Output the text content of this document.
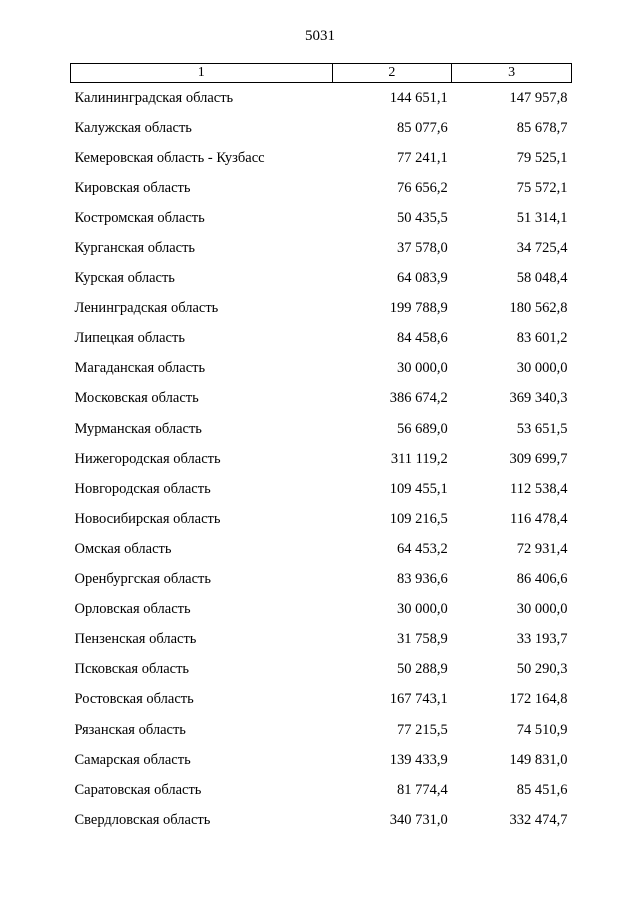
5031
1	2	3
Калининградская область	144 651,1	147 957,8
Калужская область	85 077,6	85 678,7
Кемеровская область - Кузбасс	77 241,1	79 525,1
Кировская область	76 656,2	75 572,1
Костромская область	50 435,5	51 314,1
Курганская область	37 578,0	34 725,4
Курская область	64 083,9	58 048,4
Ленинградская область	199 788,9	180 562,8
Липецкая область	84 458,6	83 601,2
Магаданская область	30 000,0	30 000,0
Московская область	386 674,2	369 340,3
Мурманская область	56 689,0	53 651,5
Нижегородская область	311 119,2	309 699,7
Новгородская область	109 455,1	112 538,4
Новосибирская область	109 216,5	116 478,4
Омская область	64 453,2	72 931,4
Оренбургская область	83 936,6	86 406,6
Орловская область	30 000,0	30 000,0
Пензенская область	31 758,9	33 193,7
Псковская область	50 288,9	50 290,3
Ростовская область	167 743,1	172 164,8
Рязанская область	77 215,5	74 510,9
Самарская область	139 433,9	149 831,0
Саратовская область	81 774,4	85 451,6
Свердловская область	340 731,0	332 474,7
